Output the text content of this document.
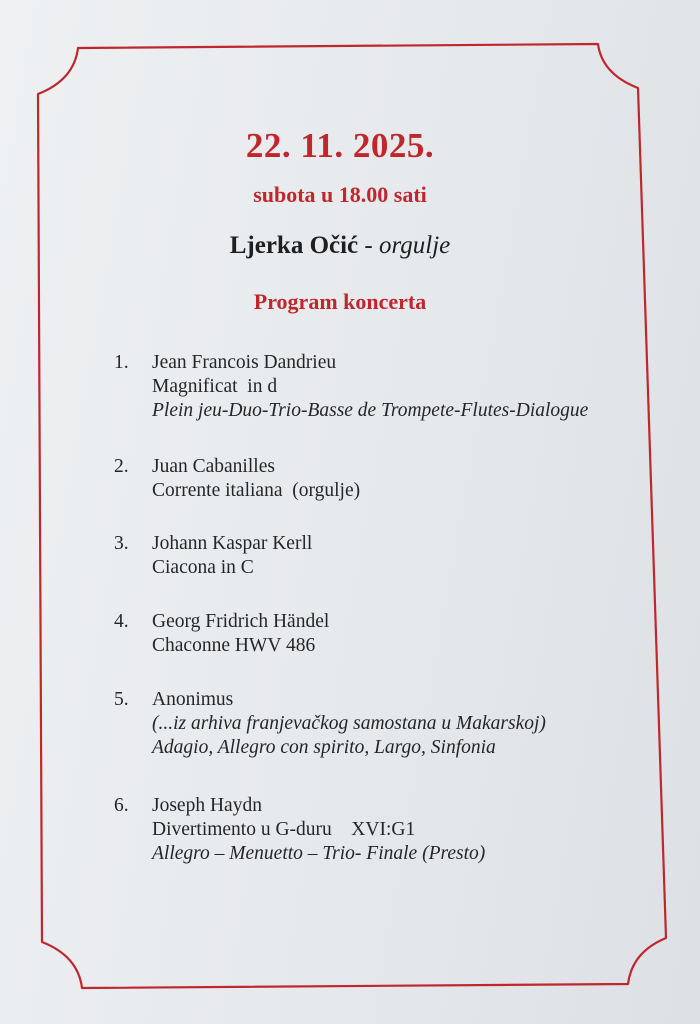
22. 11. 2025.
subota u 18.00 sati
Ljerka Očić - orgulje
Program koncerta
1. Jean Francois Dandrieu
Magnificat  in d
Plein jeu-Duo-Trio-Basse de Trompete-Flutes-Dialogue
2. Juan Cabanilles
Corrente italiana  (orgulje)
3. Johann Kaspar Kerll
Ciacona in C
4. Georg Fridrich Händel
Chaconne HWV 486
5. Anonimus
(...iz arhiva franjevačkog samostana u Makarskoj)
Adagio, Allegro con spirito, Largo, Sinfonia
6. Joseph Haydn
Divertimento u G-duru    XVI:G1
Allegro – Menuetto – Trio- Finale (Presto)
